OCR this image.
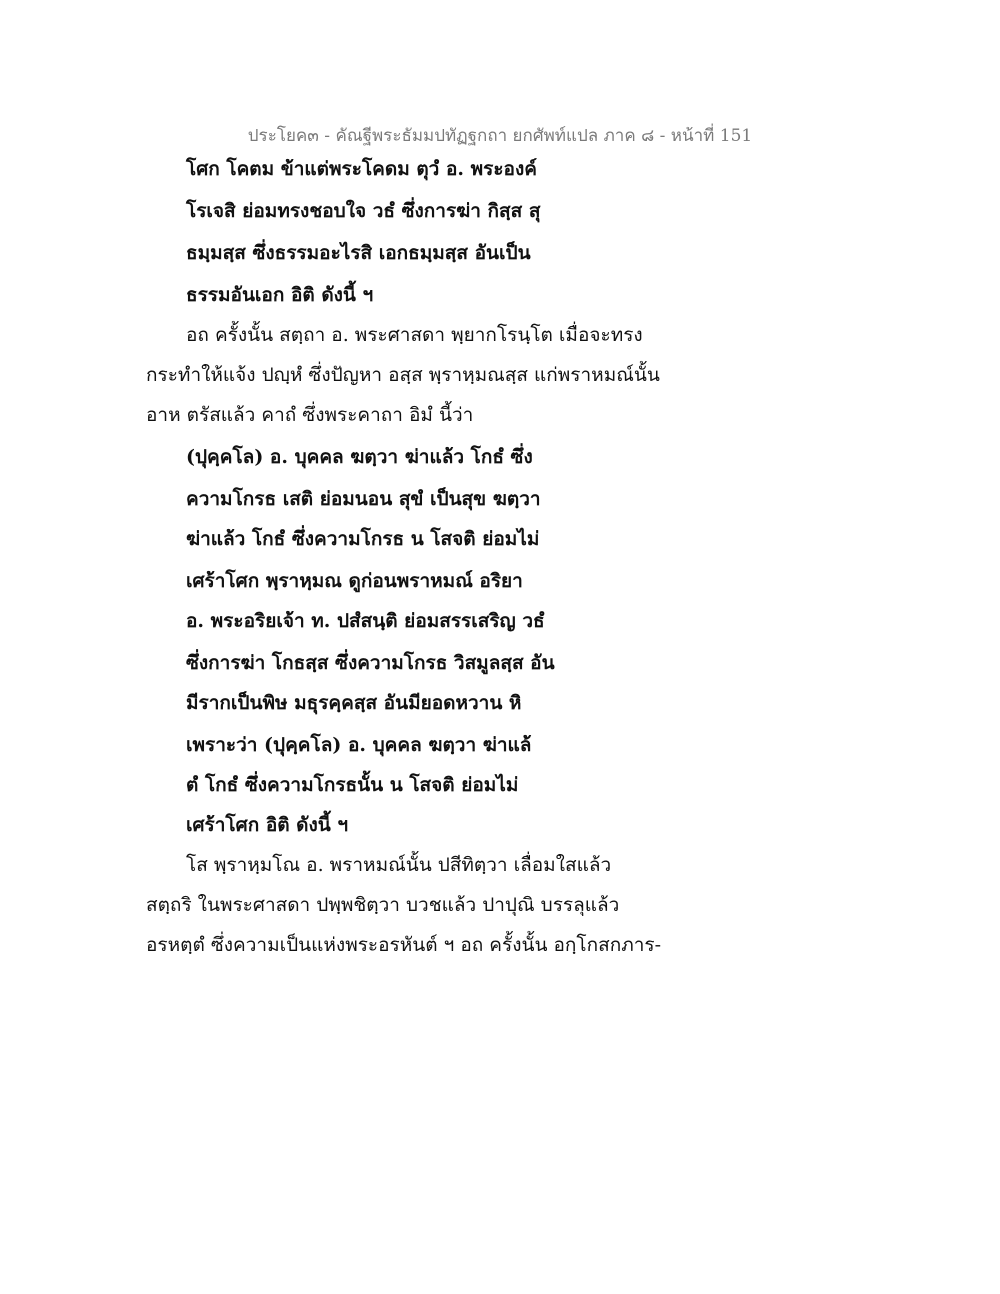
ประโยค๓ - คัณฐีพระธัมมปทัฏฐกถา ยกศัพท์แปล ภาค ๘ - หน้าที่ 151
โศก โคตม ข้าแต่พระโคดม ตุวํ อ. พระองค์
โรเจสิ ย่อมทรงชอบใจ วธํ ซึ่งการฆ่า กิสฺส สุ
ธมฺมสฺส ซึ่งธรรมอะไรสิ เอกธมฺมสฺส อันเป็น
ธรรมอันเอก อิติ ดังนี้ ฯ
อถ ครั้งนั้น สตฺถา อ. พระศาสดา พฺยากโรนฺโต เมื่อจะทรง
กระทำให้แจ้ง ปญฺหํ ซึ่งปัญหา อสฺส พฺราหฺมณสฺส แก่พราหมณ์นั้น
อาห ตรัสแล้ว คาถํ ซึ่งพระคาถา อิมํ นี้ว่า
(ปุคฺคโล) อ. บุคคล ฆตฺวา ฆ่าแล้ว โกธํ ซึ่ง
ความโกรธ เสติ ย่อมนอน สุขํ เป็นสุข ฆตฺวา
ฆ่าแล้ว โกธํ ซึ่งความโกรธ น โสจติ ย่อมไม่
เศร้าโศก พฺราหฺมณ ดูก่อนพราหมณ์ อริยา
อ. พระอริยเจ้า ท. ปสํสนฺติ ย่อมสรรเสริญ วธํ
ซึ่งการฆ่า โกธสฺส ซึ่งความโกรธ วิสมูลสฺส อัน
มีรากเป็นพิษ มธุรคฺคสฺส อันมียอดหวาน หิ
เพราะว่า (ปุคฺคโล) อ. บุคคล ฆตฺวา ฆ่าแล้
ตํ โกธํ ซึ่งความโกรธนั้น น โสจติ ย่อมไม่
เศร้าโศก อิติ ดังนี้ ฯ
โส พฺราหฺมโณ อ. พราหมณ์นั้น ปสีทิตฺวา เลื่อมใสแล้ว
สตฺถริ ในพระศาสดา ปพฺพชิตฺวา บวชแล้ว ปาปุณิ บรรลุแล้ว
อรหตฺตํ ซึ่งความเป็นแห่งพระอรหันต์ ฯ อถ ครั้งนั้น อกฺโกสกภาร-
